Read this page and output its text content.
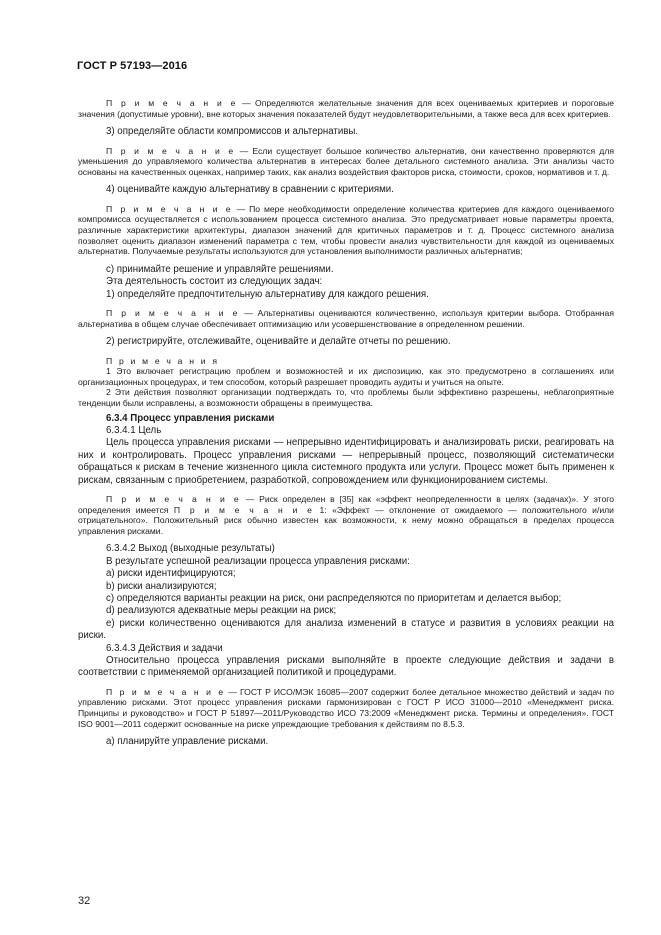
ГОСТ Р 57193—2016

П р и м е ч а н и е — Определяются желательные значения для всех оцениваемых критериев и пороговые значения (допустимые уровни), вне которых значения показателей будут неудовлетворительными, а также веса для всех критериев.

3) определяйте области компромиссов и альтернативы.

П р и м е ч а н и е — Если существует большое количество альтернатив, они качественно проверяются для уменьшения до управляемого количества альтернатив в интересах более детального системного анализа. Эти анализы часто основаны на качественных оценках, например таких, как анализ воздействия факторов риска, стоимости, сроков, нормативов и т. д.

4) оценивайте каждую альтернативу в сравнении с критериями.

П р и м е ч а н и е — По мере необходимости определение количества критериев для каждого оцениваемого компромисса осуществляется с использованием процесса системного анализа. Это предусматривает новые параметры проекта, различные характеристики архитектуры, диапазон значений для критичных параметров и т. д. Процесс системного анализа позволяет оценить диапазон изменений параметра с тем, чтобы провести анализ чувствительности для каждой из оцениваемых альтернатив. Получаемые результаты используются для установления выполнимости различных альтернатив;

c) принимайте решение и управляйте решениями.

Эта деятельность состоит из следующих задач:

1) определяйте предпочтительную альтернативу для каждого решения.

П р и м е ч а н и е — Альтернативы оцениваются количественно, используя критерии выбора. Отобранная альтернатива в общем случае обеспечивает оптимизацию или усовершенствование в определенном решении.

2) регистрируйте, отслеживайте, оценивайте и делайте отчеты по решению.

П р и м е ч а н и я

1 Это включает регистрацию проблем и возможностей и их диспозицию, как это предусмотрено в соглашениях или организационных процедурах, и тем способом, который разрешает проводить аудиты и учиться на опыте.

2 Эти действия позволяют организации подтверждать то, что проблемы были эффективно разрешены, неблагоприятные тенденции были исправлены, а возможности обращены в преимущества.

6.3.4 Процесс управления рисками

6.3.4.1 Цель

Цель процесса управления рисками — непрерывно идентифицировать и анализировать риски, реагировать на них и контролировать. Процесс управления рисками — непрерывный процесс, позволяющий систематически обращаться к рискам в течение жизненного цикла системного продукта или услуги. Процесс может быть применен к рискам, связанным с приобретением, разработкой, сопровождением или функционированием системы.

П р и м е ч а н и е — Риск определен в [35] как «эффект неопределенности в целях (задачах)». У этого определения имеется П р и м е ч а н и е 1: «Эффект — отклонение от ожидаемого — положительного и/или отрицательного». Положительный риск обычно известен как возможности, к нему можно обращаться в пределах процесса управления рисками.

6.3.4.2 Выход (выходные результаты)

В результате успешной реализации процесса управления рисками:

a) риски идентифицируются;

b) риски анализируются;

c) определяются варианты реакции на риск, они распределяются по приоритетам и делается выбор;

d) реализуются адекватные меры реакции на риск;

e) риски количественно оцениваются для анализа изменений в статусе и развития в условиях реакции на риски.

6.3.4.3 Действия и задачи

Относительно процесса управления рисками выполняйте в проекте следующие действия и задачи в соответствии с применяемой организацией политикой и процедурами.

П р и м е ч а н и е — ГОСТ Р ИСО/МЭК 16085—2007 содержит более детальное множество действий и задач по управлению рисками. Этот процесс управления рисками гармонизирован с ГОСТ Р ИСО 31000—2010 «Менеджмент риска. Принципы и руководство» и ГОСТ Р 51897—2011/Руководство ИСО 73:2009 «Менеджмент риска. Термины и определения». ГОСТ ISO 9001—2011 содержит основанные на риске упреждающие требования к действиям по 8.5.3.

a) планируйте управление рисками.

32
